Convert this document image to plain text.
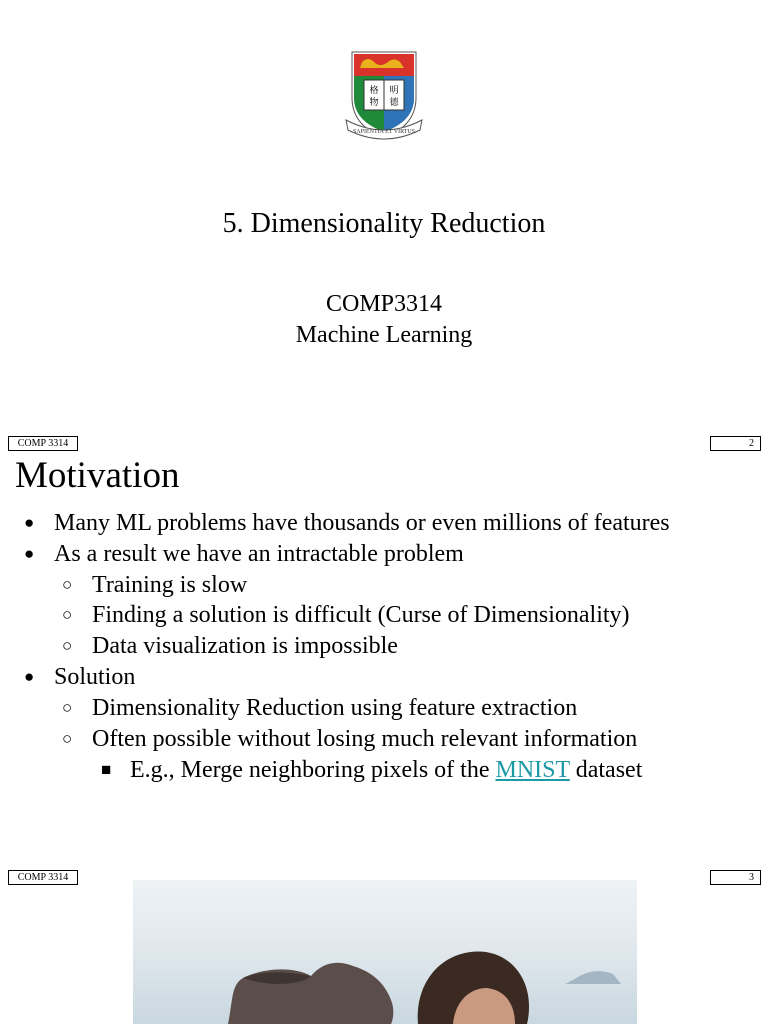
格 明
物 德
SAPIENTIA ET VIRTUS
5. Dimensionality Reduction
COMP3314
Machine Learning
COMP 3314	2
Motivation
● Many ML problems have thousands or even millions of features
● As a result we have an intractable problem
○ Training is slow
○ Finding a solution is difficult (Curse of Dimensionality)
○ Data visualization is impossible
● Solution
○ Dimensionality Reduction using feature extraction
○ Often possible without losing much relevant information
■ E.g., Merge neighboring pixels of the MNIST dataset
COMP 3314	3
